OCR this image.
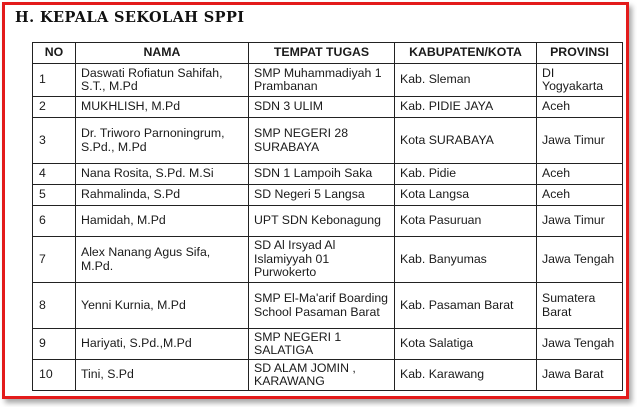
H. KEPALA SEKOLAH SPPI
NO	NAMA	TEMPAT TUGAS	KABUPATEN/KOTA	PROVINSI
1	Daswati Rofiatun Sahifah, S.T., M.Pd	SMP Muhammadiyah 1 Prambanan	Kab. Sleman	DI Yogyakarta
2	MUKHLISH, M.Pd	SDN 3 ULIM	Kab. PIDIE JAYA	Aceh
3	Dr. Triworo Parnoningrum, S.Pd., M.Pd	SMP NEGERI 28 SURABAYA	Kota SURABAYA	Jawa Timur
4	Nana Rosita, S.Pd. M.Si	SDN 1 Lampoih Saka	Kab. Pidie	Aceh
5	Rahmalinda, S.Pd	SD Negeri 5 Langsa	Kota Langsa	Aceh
6	Hamidah, M.Pd	UPT SDN Kebonagung	Kota Pasuruan	Jawa Timur
7	Alex Nanang Agus Sifa, M.Pd.	SD Al Irsyad Al Islamiyyah 01 Purwokerto	Kab. Banyumas	Jawa Tengah
8	Yenni Kurnia, M.Pd	SMP El-Ma'arif Boarding School Pasaman Barat	Kab. Pasaman Barat	Sumatera Barat
9	Hariyati, S.Pd.,M.Pd	SMP NEGERI 1 SALATIGA	Kota Salatiga	Jawa Tengah
10	Tini, S.Pd	SD ALAM JOMIN , KARAWANG	Kab. Karawang	Jawa Barat
